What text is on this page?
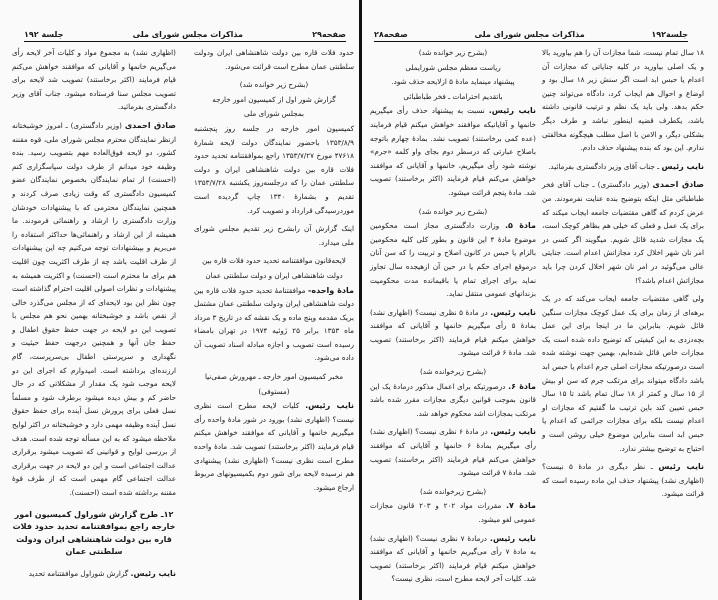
صفحه۲۹
مذاکرات مجلس شورای ملی
جلسة ۱۹۲
حدود فلات قاره بین دولت شاهنشاهی ایران ودولت سلطنتی عمان مطرح است قرائت می‌شود.
(بشرح زیر خوانده شد)
گزارش شور اول از کمیسیون امور خارجه
بمجلس شورای ملی
کمیسیون امور خارجه در جلسه روز پنجشنبه ۱۳۵۳/۸/۹ باحضور نمایندگان دولت لایحه شمارهٔ ۴۷۶۱۸ مورخ ۱۳۵۳/۷/۲۷ راجع بموافقتنامه تحدید حدود فلات قاره بین دولت شاهنشاهی ایران و دولت سلطنتی عمان را که درجلسه‌روز یکشنبه ۱۳۵۳/۷/۲۸ تقدیم و بشمارهٔ ۱۳۴۰ چاپ گردیده است موردرسیدگی قرارداد و تصویب کرد.
اینک گزارش آن رابشرح زیر تقدیم مجلس شورای ملی میدارد.
لایحه‌قانون موافقتنامه تحدید حدود فلات قاره بین
دولت شاهنشاهی ایران و دولت سلطنتی عمان
مادهٔ واحده- موافقتنامهٔ تحدید حدود فلات قاره بین دولت شاهنشاهی ایران ودولت سلطنتی عمان مشتمل بریک مقدمه وپنج ماده و یک نقشه که در تاریخ ۳ مرداد ماه ۱۳۵۳ برابر ۲۵ ژوئیه ۱۹۷۴ در تهران بامضاء رسیده است تصویب و اجازه مبادله اسناد تصویب آن داده می‌شود.
مخبر کمیسیون امور خارجه ـ مهرورش صفی‌نیا
(مستوفی)
نایب رئیس. کلیات لایحه مطرح است نظری نیست؟ (اظهاری نشد) بورود در شور مادهٔ واحده رأی میگیریم خانمها و آقایانی که موافقند خواهش میکنم قیام فرمایند (اکثر برخاستند) تصویب شد. مادهٔ واحده مطرح است نظری نیست؟ (اظهاری نشد) پیشنهادی هم نرسیده لایحه برای شور دوم بکمیسیونهای مربوط ارجاع میشود.
(اظهاری نشد) به مجموع مواد و کلیات آخر لایحه رأی می‌گیریم خانمها و آقایانی که موافقند خواهش می‌کنم قیام فرمایند (اکثر برخاستند) تصویب شد لایحه برای تصویب مجلس سنا فرستاده میشود. جناب آقای وزیر دادگستری بفرمائید.
صادق احمدی (وزیر دادگستری) ـ امروز خوشبختانه ازنظر نمایندگان محترم مجلس شورای ملی، قوه مقننه کشور، دو لایحه فوق‌العاده مهم بتصویب رسید. بنده وظیفه خود میدانم از طرف دولت سپاسگزاری کنم (احسنت) از تمام نمایندگان بخصوص نمایندگان عضو کمیسیون دادگستری که وقت زیادی صرف کردند و همچنین نمایندگان محترمی که با پیشنهادات خودشان وزارت دادگستری را ارشاد و راهنمائی فرمودند. ما همیشه از این ارشاد و راهنمائی‌ها حداکثر استفاده را می‌بریم و بپیشنهادات توجه می‌کنیم چه این پیشنهادات از طرف اقلیت باشد چه از طرف اکثریت چون اقلیت هم برای ما محترم است (احسنت) و اکثریت همیشه به پیشنهادات و نظرات اصولی اقلیت احترام گذاشته است چون نظر این بود لایحه‌ای که از مجلس می‌گذرد خالی از نقص باشد و خوشبختانه بهمین نحو هم مجلس با تصویب این دو لایحه در جهت حفظ حقوق اطفال و حفظ جان آنها و همچنین درجهت حفظ حیثیت و نگهداری و سرپرستی اطفال بی‌سرپرست، گام ارزنده‌ای برداشته است. امیدوارم که اجرای این دو لایحه موجب شود یک مقدار از مشکلاتی که در حال حاضر کم و بیش دیده میشود برطرف شود و مسلماً نسل فعلی برای پرورش نسل آینده برای حفظ حقوق نسل آینده وظیفه مهمی دارد و خوشبختانه در اکثر لوایح ملاحظه میشود که به این مسأله توجه شده است. هدف از بررسی لوایح و قوانینی که تصویب میشود برقراری عدالت اجتماعی است و این دو لایحه در جهت برقراری عدالت اجتماعی گام مهمی است که از طرف قوهٔ مقننه برداشته شده است (احسنت).
۱۲ـ طرح گزارش شوراول کمیسیون امور خارجه راجع بموافقتنامه تحدید حدود فلات قاره بین دولت شاهنشاهی ایران ودولت سلطنتی عمان
نایب رئیس. گزارش شوراول موافقتنامه تحدید
جلسة۱۹۲
مذاکرات مجلس شورای ملی
صفحه۲۸
۱۸ سال تمام نیست، شما مجازات آن را هم بیاورید بالا و یک اصلی بیاورید در کلیه جنایاتی که مجازات آن اعدام یا حبس ابد است اگر سنش زیر ۱۸ سال بود و اوضاع و احوال هم ایجاب کرد، دادگاه می‌تواند چنین حکم بدهد. ولی باید یک نظم و ترتیب قانونی داشته باشد، یکطرف قضیه اینطور نباشد و طرف دیگر بشکلی دیگر، و الامن با اصل مطلب هیچگونه مخالفتی ندارم. این بود که بنده پیشنهاد حذف دادم.
نایب رئیس ـ جناب آقای وزیر دادگستری بفرمائید.
صادق احمدی (وزیر دادگستری) ـ جناب آقای فخر طباطبائی مثل اینکه بتوضیح بنده عنایت نفرمودند. من عرض کردم که گاهی مقتضیات جامعه ایجاب میکند که برای یک عمل و فعلی که خیلی هم بظاهر کوچک است، یک مجازات شدید قائل شویم. میگویند اگر کسی در امر نان شهر اخلال کرد مجازاتش اعدام است. جنایتی عالی می‌گوئید در امر نان شهر اخلال کردن چرا باید مجازاتش اعدام باشد؟!
ولی گاهی مقتضیات جامعه ایجاب می‌کند که در یک برهه‌ای از زمان برای یک عمل کوچک مجازات سنگین قائل شویم. بنابراین ما در اینجا برای این عمل بچه‌دزدی به این کیفیتی که توضیح داده شده است یک مجازات خاص قائل شده‌ایم، بهمین جهت نوشته شده است درصورتیکه مجازات اصلی جرم اعدام یا حبس ابد باشد دادگاه میتواند برای مرتکب جرم که سن او بیش از ۱۵ سال و کمتر از ۱۸ سال تمام باشد تا ۱۵ سال حبس تعیین کند باین ترتیب ما گفتیم که مجازات او اعدام نیست بلکه برای مجازات جرائمی که اعدام یا حبس ابد است بنابراین موضوع خیلی روشن است و احتیاج به توضیح بیشتر ندارد.
نایب رئیس ـ نظر دیگری در مادهٔ ۵ نیست؟ (اظهاری نشد) پیشنهاد حذف این ماده رسیده است که قرائت میشود.
(بشرح زیر خوانده شد)
ریاست معظم مجلس شورایملی
پیشنهاد مینماید مادهٔ ۵ ازلایحه حذف شود.
باتقدیم احترامات ـ فخر طباطبائی
نایب رئیس. نسبت به پیشنهاد حذف رأی میگیریم خانمها و آقایانیکه موافقند خواهش میکنم قیام فرمایند (عده کمی برخاستند) تصویب نشد. بمادهٔ چهارم باتوجه باصلاح عبارتی که درسطر دوم بجای واو کلمه «جرم» نوشته شود رأی میگیریم، خانمها و آقایانی که موافقند خواهش می‌کنم قیام فرمایند (اکثر برخاستند) تصویب شد. مادهٔ پنجم قرائت میشود.
(بشرح زیر خوانده شد)
مادهٔ ۵. وزارت دادگستری مجاز است محکومین موضوع مادهٔ ۴ این قانون و بطور کلی کلیه محکومین بالزام یا حبس در کانون اصلاح و تربیت را که سن آنان درموقع اجرای حکم یا در حین آن ازهیجده سال تجاوز نماید برای اجرای تمام یا باقیمانده مدت محکومیت بزندانهای عمومی منتقل نماید.
نایب رئیس. در مادهٔ ۵ نظری نیست؟ (اظهاری نشد) بمادهٔ ۵ رأی میگیریم خانمها و آقایانی که موافقند خواهش میکنم قیام فرمایند (اکثر برخاستند) تصویب شد. مادهٔ ۶ قرائت میشود.
(بشرح زیرخوانده شد)
مادهٔ ۶. درصورتیکه برای اعمال مذکور درمادهٔ یک این قانون بموجب قوانین دیگری مجازات مقرر شده باشد مرتکب بمجازات اشد محکوم خواهد شد.
نایب رئیس. در مادهٔ ۶ نظری نیست؟ (اظهاری نشد) رأی میگیریم بمادهٔ ۶ خانمها و آقایانی که موافقند خواهش می‌کنم قیام فرمایند (اکثر برخاستند) تصویب شد. مادهٔ ۷ قرائت میشود.
(بشرح زیرخوانده شد)
مادهٔ ۷. مقررات مواد ۲۰۲ و ۲۰۳ قانون مجازات عمومی لغو میشود.
نایب رئیس. درمادهٔ ۷ نظری نیست؟ (اظهاری نشد) به مادهٔ ۷ رأی می‌گیریم خانمها و آقایانی که موافقند خواهش میکنم قیام فرمایند (اکثر برخاستند) تصویب شد. کلیات آخر لایحه مطرح است، نظری نیست؟
